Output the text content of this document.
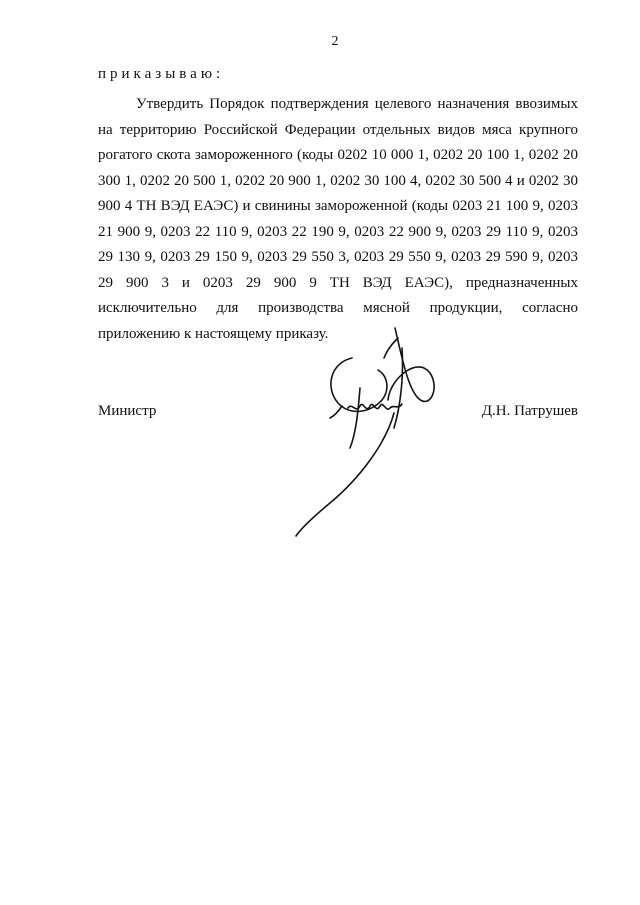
2
приказываю:

Утвердить Порядок подтверждения целевого назначения ввозимых на территорию Российской Федерации отдельных видов мяса крупного рогатого скота замороженного (коды 0202 10 000 1, 0202 20 100 1, 0202 20 300 1, 0202 20 500 1, 0202 20 900 1, 0202 30 100 4, 0202 30 500 4 и 0202 30 900 4 ТН ВЭД ЕАЭС) и свинины замороженной (коды 0203 21 100 9, 0203 21 900 9, 0203 22 110 9, 0203 22 190 9, 0203 22 900 9, 0203 29 110 9, 0203 29 130 9, 0203 29 150 9, 0203 29 550 3, 0203 29 550 9, 0203 29 590 9, 0203 29 900 3 и 0203 29 900 9 ТН ВЭД ЕАЭС), предназначенных исключительно для производства мясной продукции, согласно приложению к настоящему приказу.

Министр	Д.Н. Патрушев
